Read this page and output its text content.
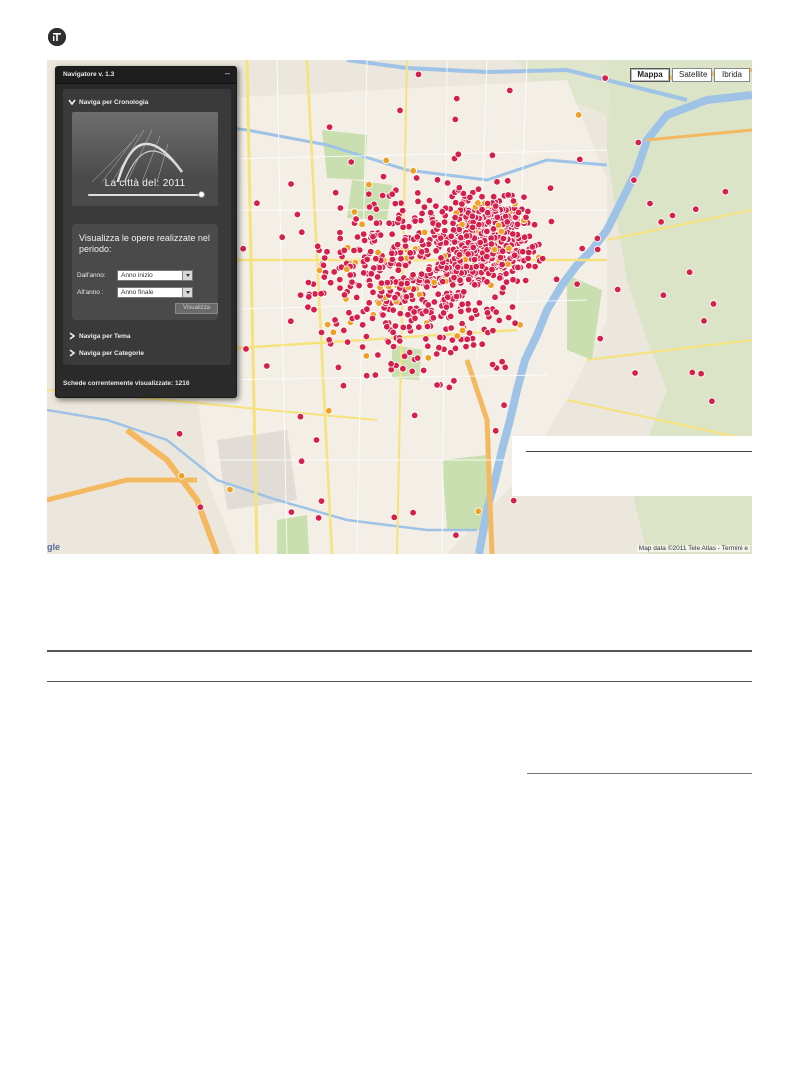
Mappa	Satellite	Ibrida
Navigatore v. 1.3	–
Naviga per Cronologia
La città del: 2011
Visualizza le opere realizzate nel periodo:
Dall'anno:	Anno inizio
All'anno :	Anno finale
Visualizza
Naviga per Tema
Naviga per Categorie
Schede correntemente visualizzate: 1216
gle	Map data ©2011 Tele Atlas - Termini e
